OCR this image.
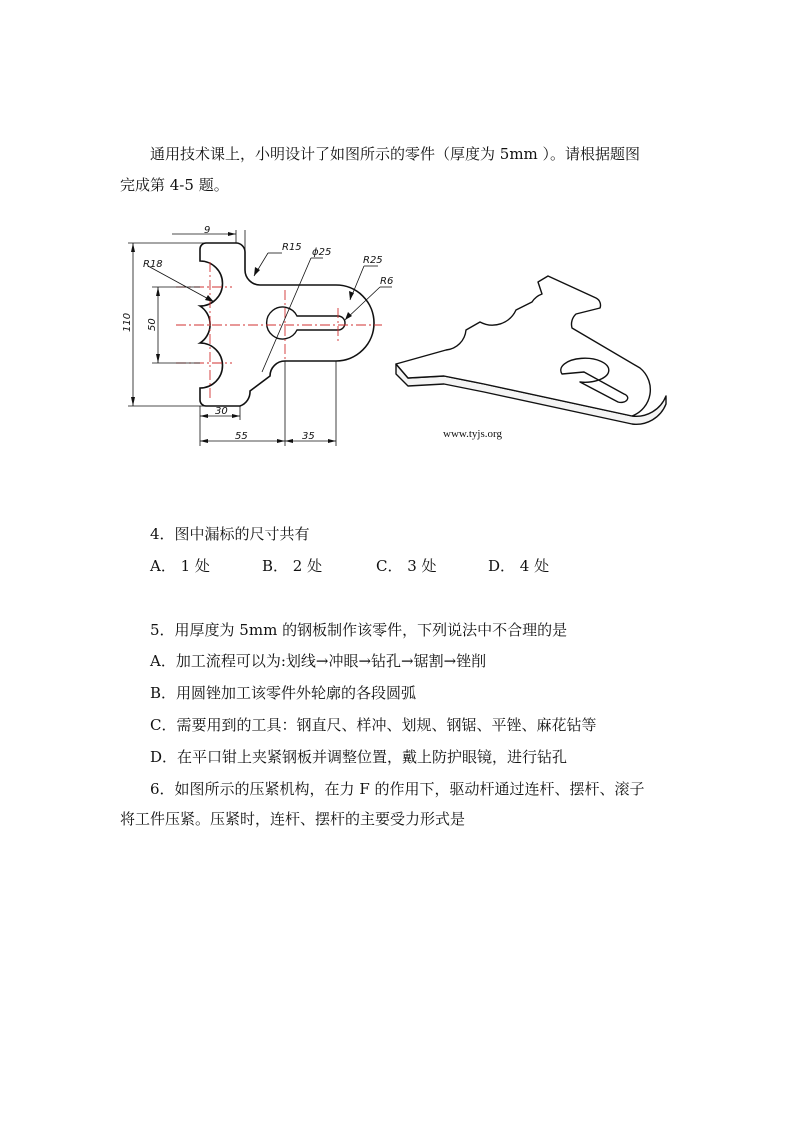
通用技术课上，小明设计了如图所示的零件（厚度为 5mm ）。请根据题图
完成第 4-5 题。
9
R15 ϕ25
R25
R18
R6
110 50
30
55	35	www.tyjs.org
4．图中漏标的尺寸共有
A． 1 处	B． 2 处	C． 3 处	D． 4 处
5．用厚度为 5mm 的钢板制作该零件，下列说法中不合理的是
A．加工流程可以为:划线→冲眼→钻孔→锯割→锉削
B．用圆锉加工该零件外轮廓的各段圆弧
C．需要用到的工具：钢直尺、样冲、划规、钢锯、平锉、麻花钻等
D．在平口钳上夹紧钢板并调整位置，戴上防护眼镜，进行钻孔
6．如图所示的压紧机构，在力 F 的作用下，驱动杆通过连杆、摆杆、滚子
将工件压紧。压紧时，连杆、摆杆的主要受力形式是
